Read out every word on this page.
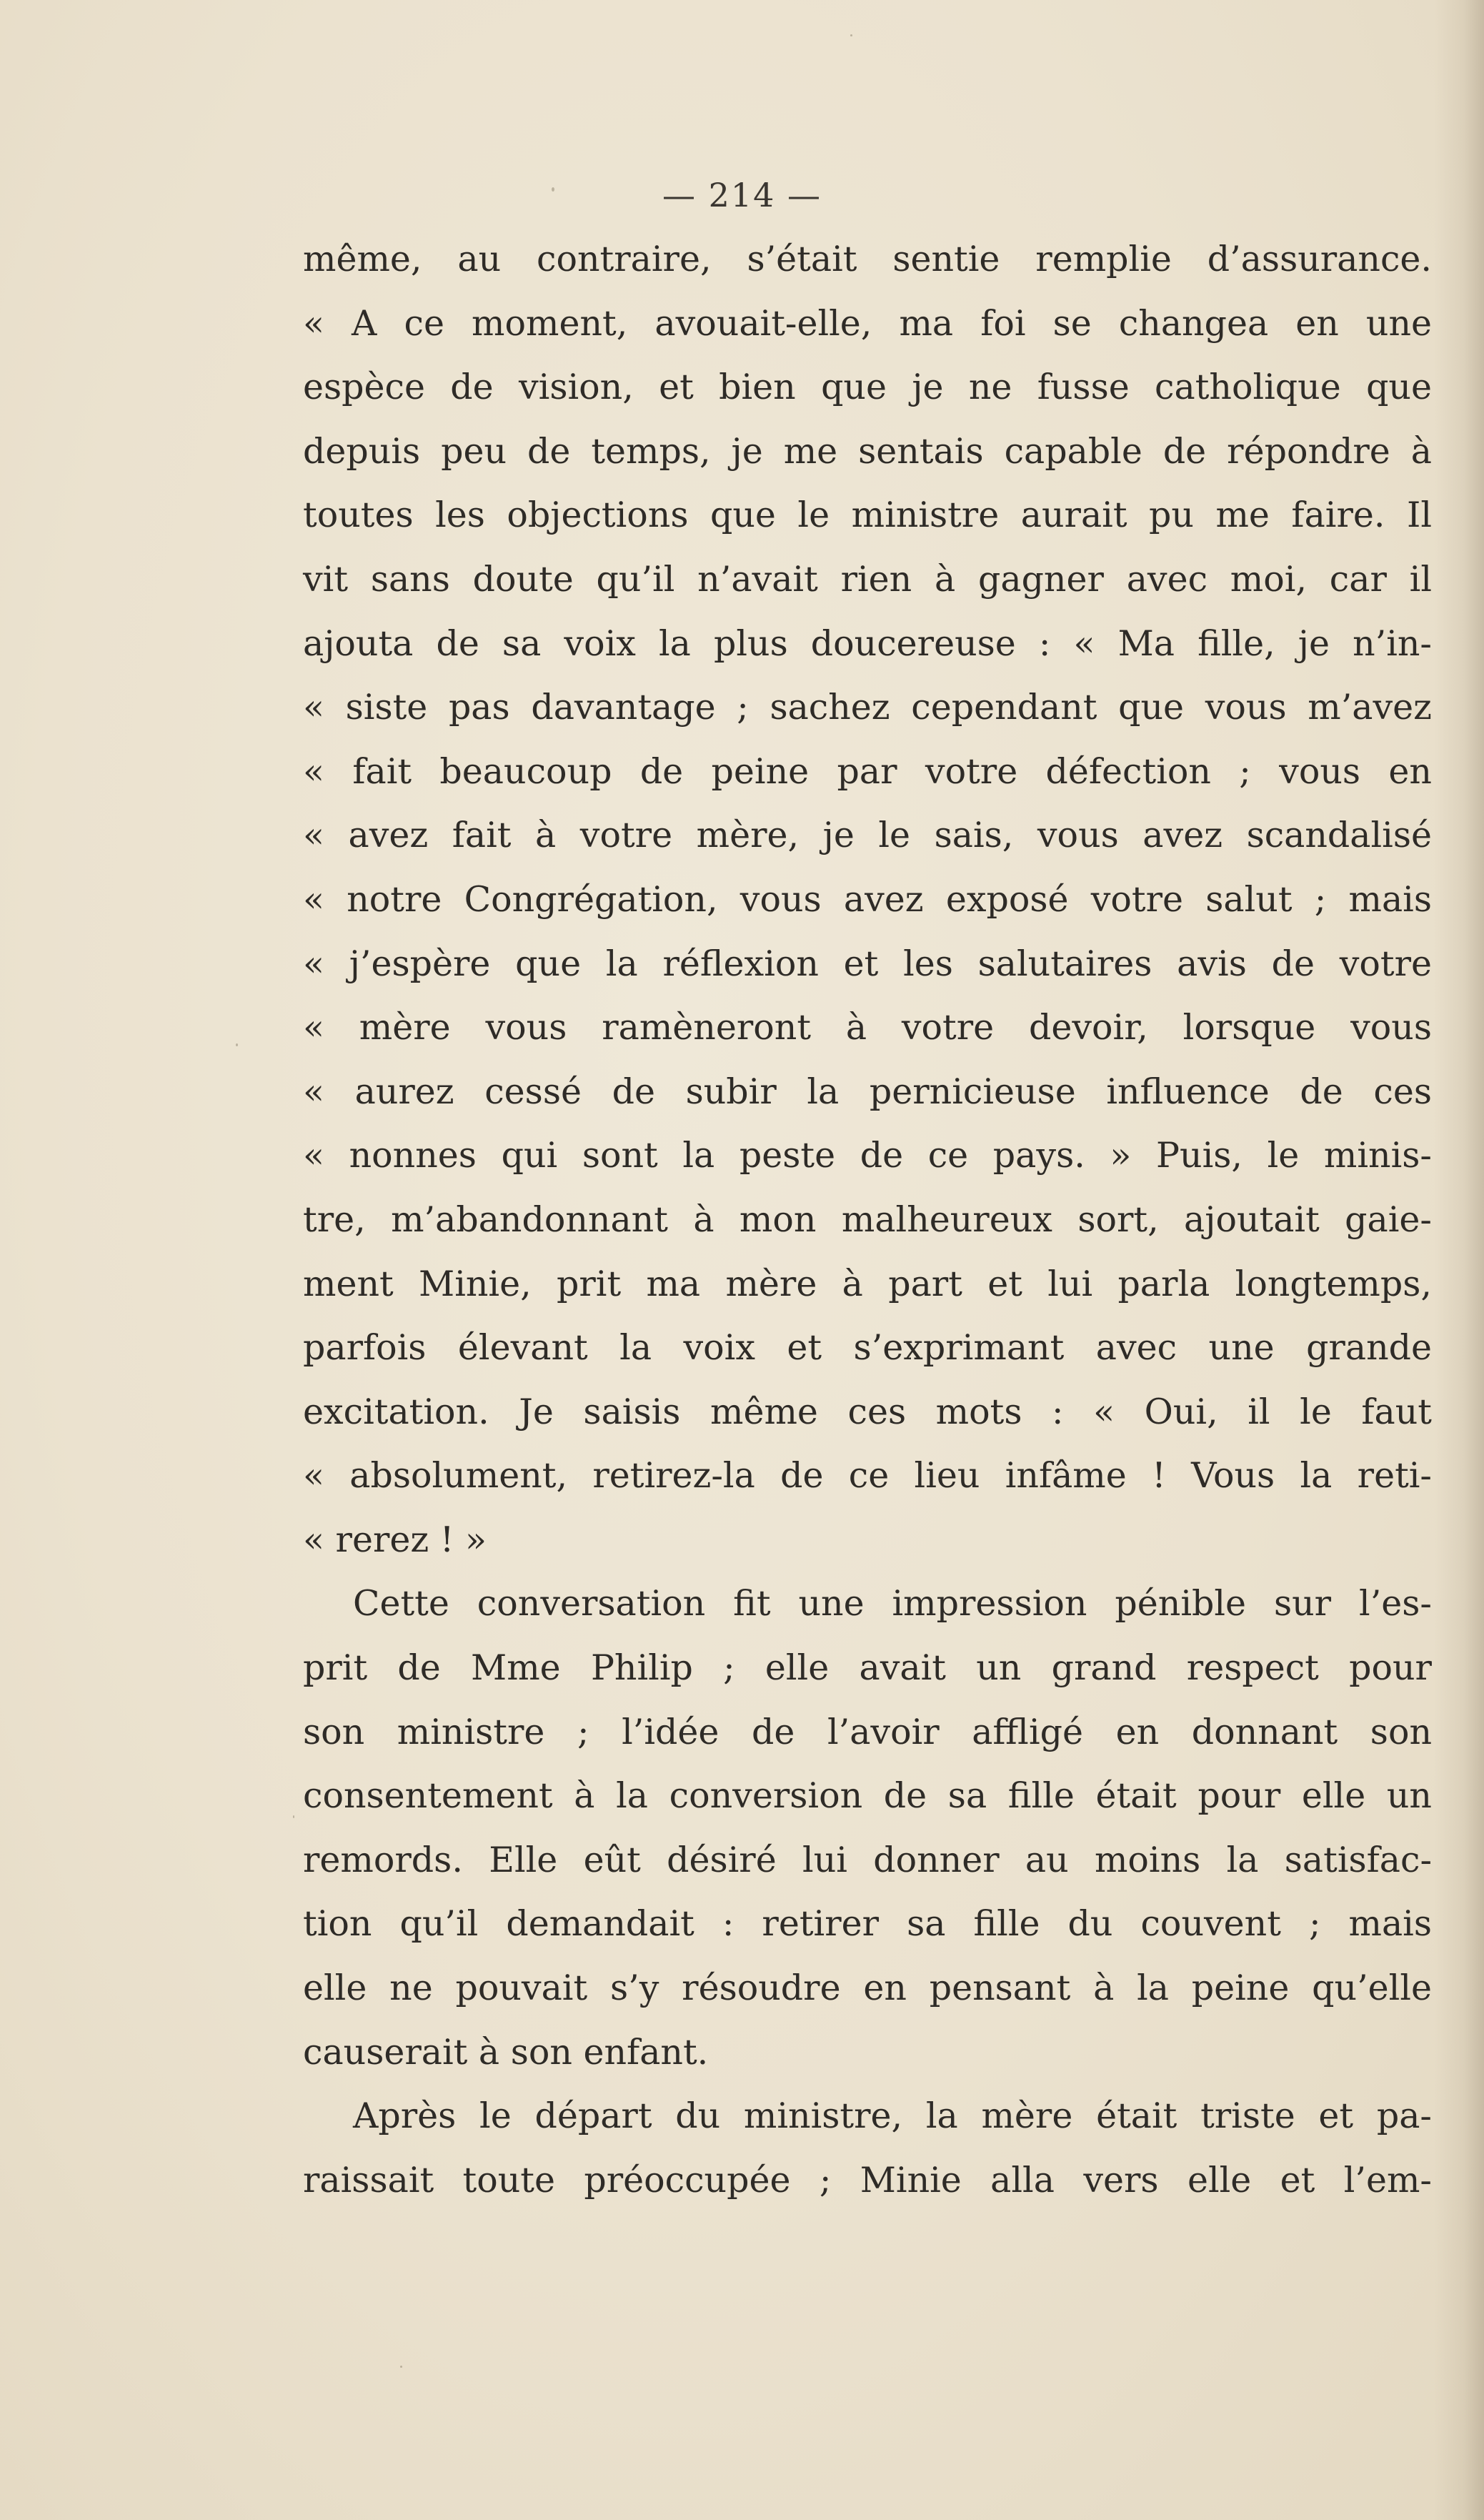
— 214 —
même, au contraire, s’était sentie remplie d’assurance.
« A ce moment, avouait-elle, ma foi se changea en une
espèce de vision, et bien que je ne fusse catholique que
depuis peu de temps, je me sentais capable de répondre à
toutes les objections que le ministre aurait pu me faire. Il
vit sans doute qu’il n’avait rien à gagner avec moi, car il
ajouta de sa voix la plus doucereuse : « Ma fille, je n’in-
« siste pas davantage ; sachez cependant que vous m’avez
« fait beaucoup de peine par votre défection ; vous en
« avez fait à votre mère, je le sais, vous avez scandalisé
« notre Congrégation, vous avez exposé votre salut ; mais
« j’espère que la réflexion et les salutaires avis de votre
« mère vous ramèneront à votre devoir, lorsque vous
« aurez cessé de subir la pernicieuse influence de ces
« nonnes qui sont la peste de ce pays. » Puis, le minis-
tre, m’abandonnant à mon malheureux sort, ajoutait gaie-
ment Minie, prit ma mère à part et lui parla longtemps,
parfois élevant la voix et s’exprimant avec une grande
excitation. Je saisis même ces mots : « Oui, il le faut
« absolument, retirez-la de ce lieu infâme ! Vous la reti-
« rerez ! »
Cette conversation fit une impression pénible sur l’es-
prit de Mme Philip ; elle avait un grand respect pour
son ministre ; l’idée de l’avoir affligé en donnant son
consentement à la conversion de sa fille était pour elle un
remords. Elle eût désiré lui donner au moins la satisfac-
tion qu’il demandait : retirer sa fille du couvent ; mais
elle ne pouvait s’y résoudre en pensant à la peine qu’elle
causerait à son enfant.
Après le départ du ministre, la mère était triste et pa-
raissait toute préoccupée ; Minie alla vers elle et l’em-
